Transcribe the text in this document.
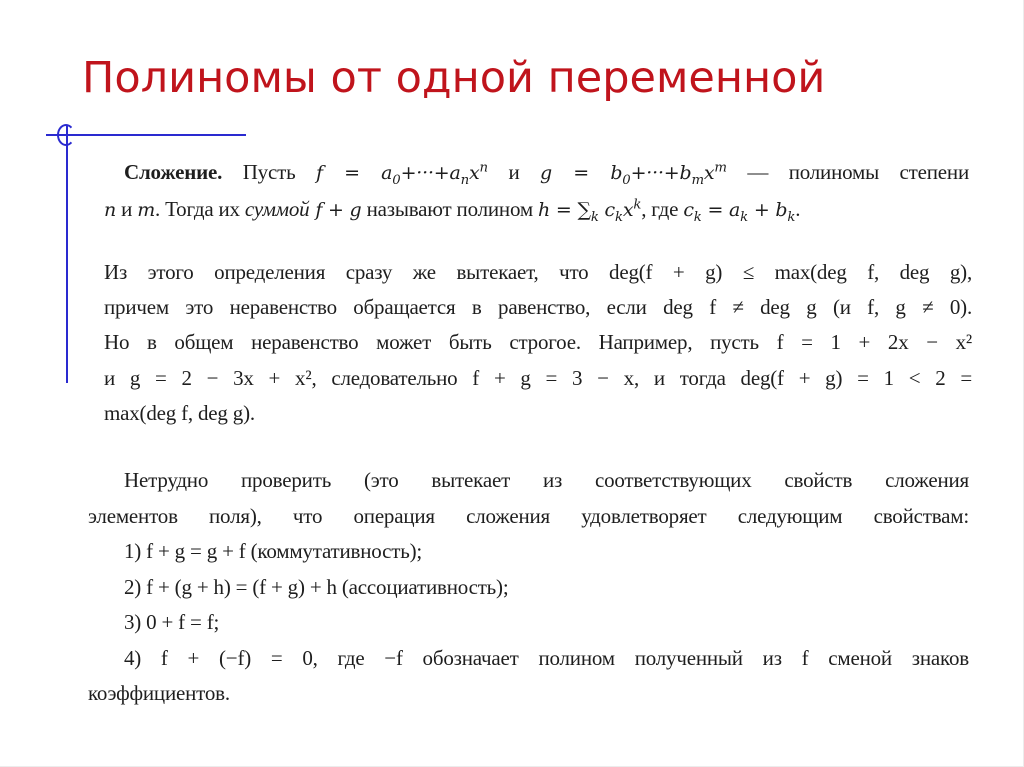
Полиномы от одной переменной
Сложение. Пусть $f = a_0+\cdot\cdot\cdot+a_nx^n$ и $g = b_0+\cdot\cdot\cdot+b_mx^m$ — полиномы степени
n и m. Тогда их суммой f + g называют полином $h = \sum_k$ $c_kx^k$, где $c_k = a_k + b_k$.
Из этого определения сразу же вытекает, что deg(f + g) ≤ max(deg f, deg g),
причем это неравенство обращается в равенство, если deg f ≠ deg g (и f, g ≠ 0).
Но в общем неравенство может быть строгое. Например, пусть f = 1 + 2x − x²
и g = 2 − 3x + x², следовательно f + g = 3 − x, и тогда deg(f + g) = 1 < 2 =
max(deg f, deg g).
Нетрудно проверить (это вытекает из соответствующих свойств сложения
элементов поля), что операция сложения удовлетворяет следующим свойствам:
1) f + g = g + f (коммутативность);
2) f + (g + h) = (f + g) + h (ассоциативность);
3) 0 + f = f;
4) f + (−f) = 0, где −f обозначает полином полученный из f сменой знаков
коэффициентов.
